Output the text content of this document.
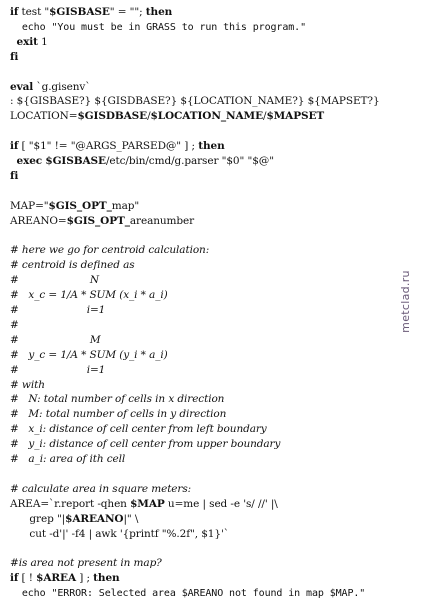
if test "$GISBASE" = ""; then
echo "You must be in GRASS to run this program."
exit 1
fi
eval `g.gisenv`
: ${GISBASE?} ${GISDBASE?} ${LOCATION_NAME?} ${MAPSET?}
LOCATION=$GISDBASE/$LOCATION_NAME/$MAPSET
if [ "$1" != "@ARGS_PARSED@" ] ; then
exec $GISBASE/etc/bin/cmd/g.parser "$0" "$@"
fi
MAP="$GIS_OPT_map"
AREANO=$GIS_OPT_areanumber
# here we go for centroid calculation:
# centroid is defined as
#                      N
#   x_c = 1/A * SUM (x_i * a_i)
#                     i=1
#
#                      M
#   y_c = 1/A * SUM (y_i * a_i)
#                     i=1
# with
#   N: total number of cells in x direction
#   M: total number of cells in y direction
#   x_i: distance of cell center from left boundary
#   y_i: distance of cell center from upper boundary
#   a_i: area of ith cell
# calculate area in square meters:
AREA=`r.report -qhen $MAP u=me | sed -e 's/ //' |\
grep "|$AREANO|" \
cut -d'|' -f4 | awk '{printf "%.2f", $1}'`
#is area not present in map?
if [ ! $AREA ] ; then
echo "ERROR: Selected area $AREANO not found in map $MAP."
metclad.ru
